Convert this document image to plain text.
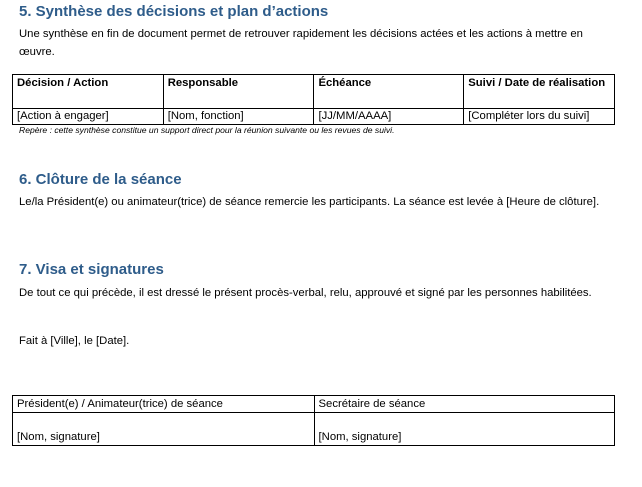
5. Synthèse des décisions et plan d’actions

Une synthèse en fin de document permet de retrouver rapidement les décisions actées et les actions à mettre en œuvre.

Décision / Action	Responsable	Échéance	Suivi / Date de réalisation
[Action à engager]	[Nom, fonction]	[JJ/MM/AAAA]	[Compléter lors du suivi]
Repère : cette synthèse constitue un support direct pour la réunion suivante ou les revues de suivi.
6. Clôture de la séance

Le/la Président(e) ou animateur(trice) de séance remercie les participants. La séance est levée à [Heure de clôture].

7. Visa et signatures

De tout ce qui précède, il est dressé le présent procès-verbal, relu, approuvé et signé par les personnes habilitées.

Fait à [Ville], le [Date].

Président(e) / Animateur(trice) de séance	Secrétaire de séance
[Nom, signature]	[Nom, signature]
